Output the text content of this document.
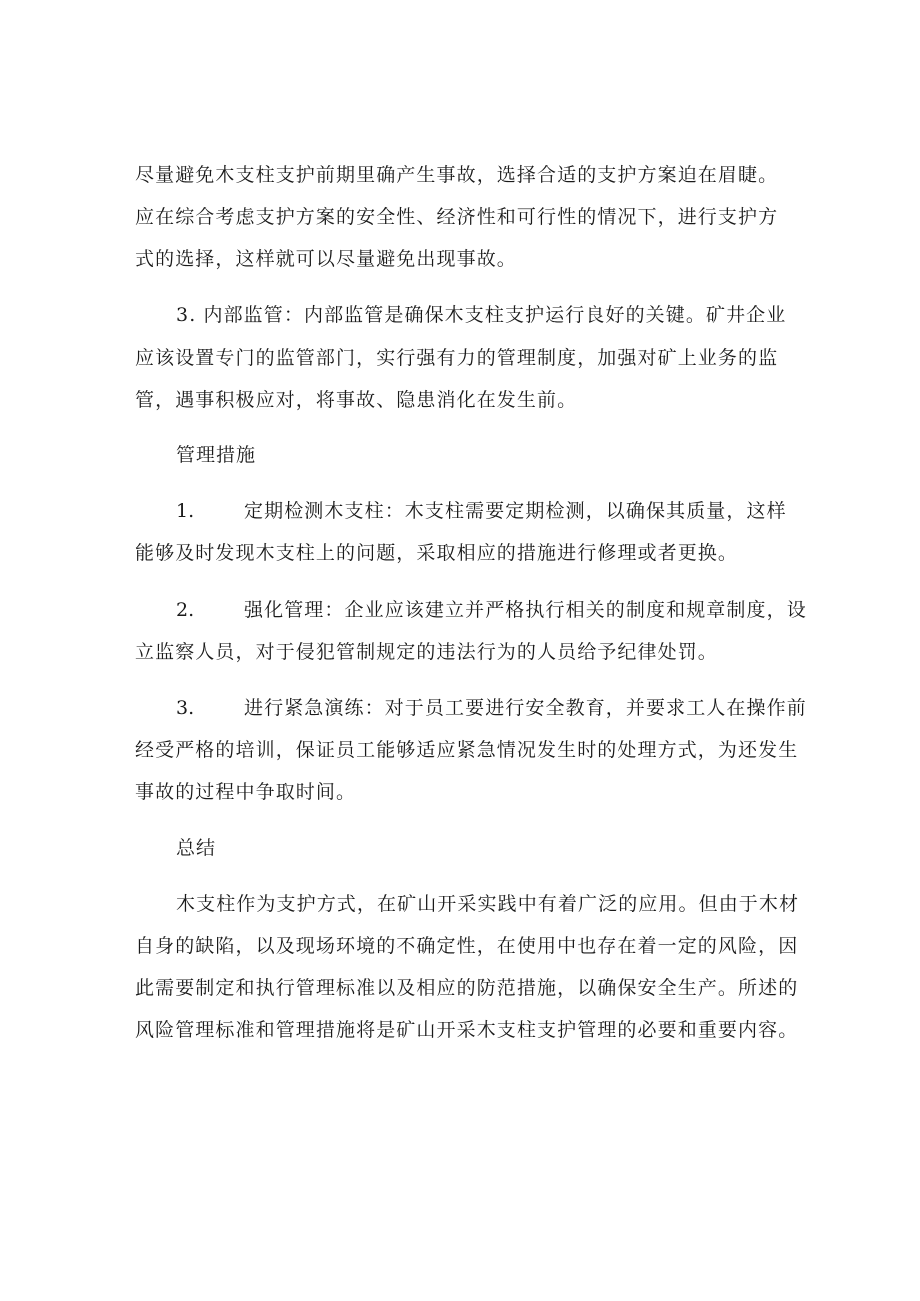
尽量避免木支柱支护前期里确产生事故，选择合适的支护方案迫在眉睫。
应在综合考虑支护方案的安全性、经济性和可行性的情况下，进行支护方
式的选择，这样就可以尽量避免出现事故。
3. 内部监管：内部监管是确保木支柱支护运行良好的关键。矿井企业
应该设置专门的监管部门，实行强有力的管理制度，加强对矿上业务的监
管，遇事积极应对，将事故、隐患消化在发生前。
管理措施
1.	定期检测木支柱：木支柱需要定期检测，以确保其质量，这样
能够及时发现木支柱上的问题，采取相应的措施进行修理或者更换。
2.	强化管理：企业应该建立并严格执行相关的制度和规章制度，设
立监察人员，对于侵犯管制规定的违法行为的人员给予纪律处罚。
3.	进行紧急演练：对于员工要进行安全教育，并要求工人在操作前
经受严格的培训，保证员工能够适应紧急情况发生时的处理方式，为还发生
事故的过程中争取时间。
总结
木支柱作为支护方式，在矿山开采实践中有着广泛的应用。但由于木材
自身的缺陷，以及现场环境的不确定性，在使用中也存在着一定的风险，因
此需要制定和执行管理标准以及相应的防范措施，以确保安全生产。所述的
风险管理标准和管理措施将是矿山开采木支柱支护管理的必要和重要内容。
